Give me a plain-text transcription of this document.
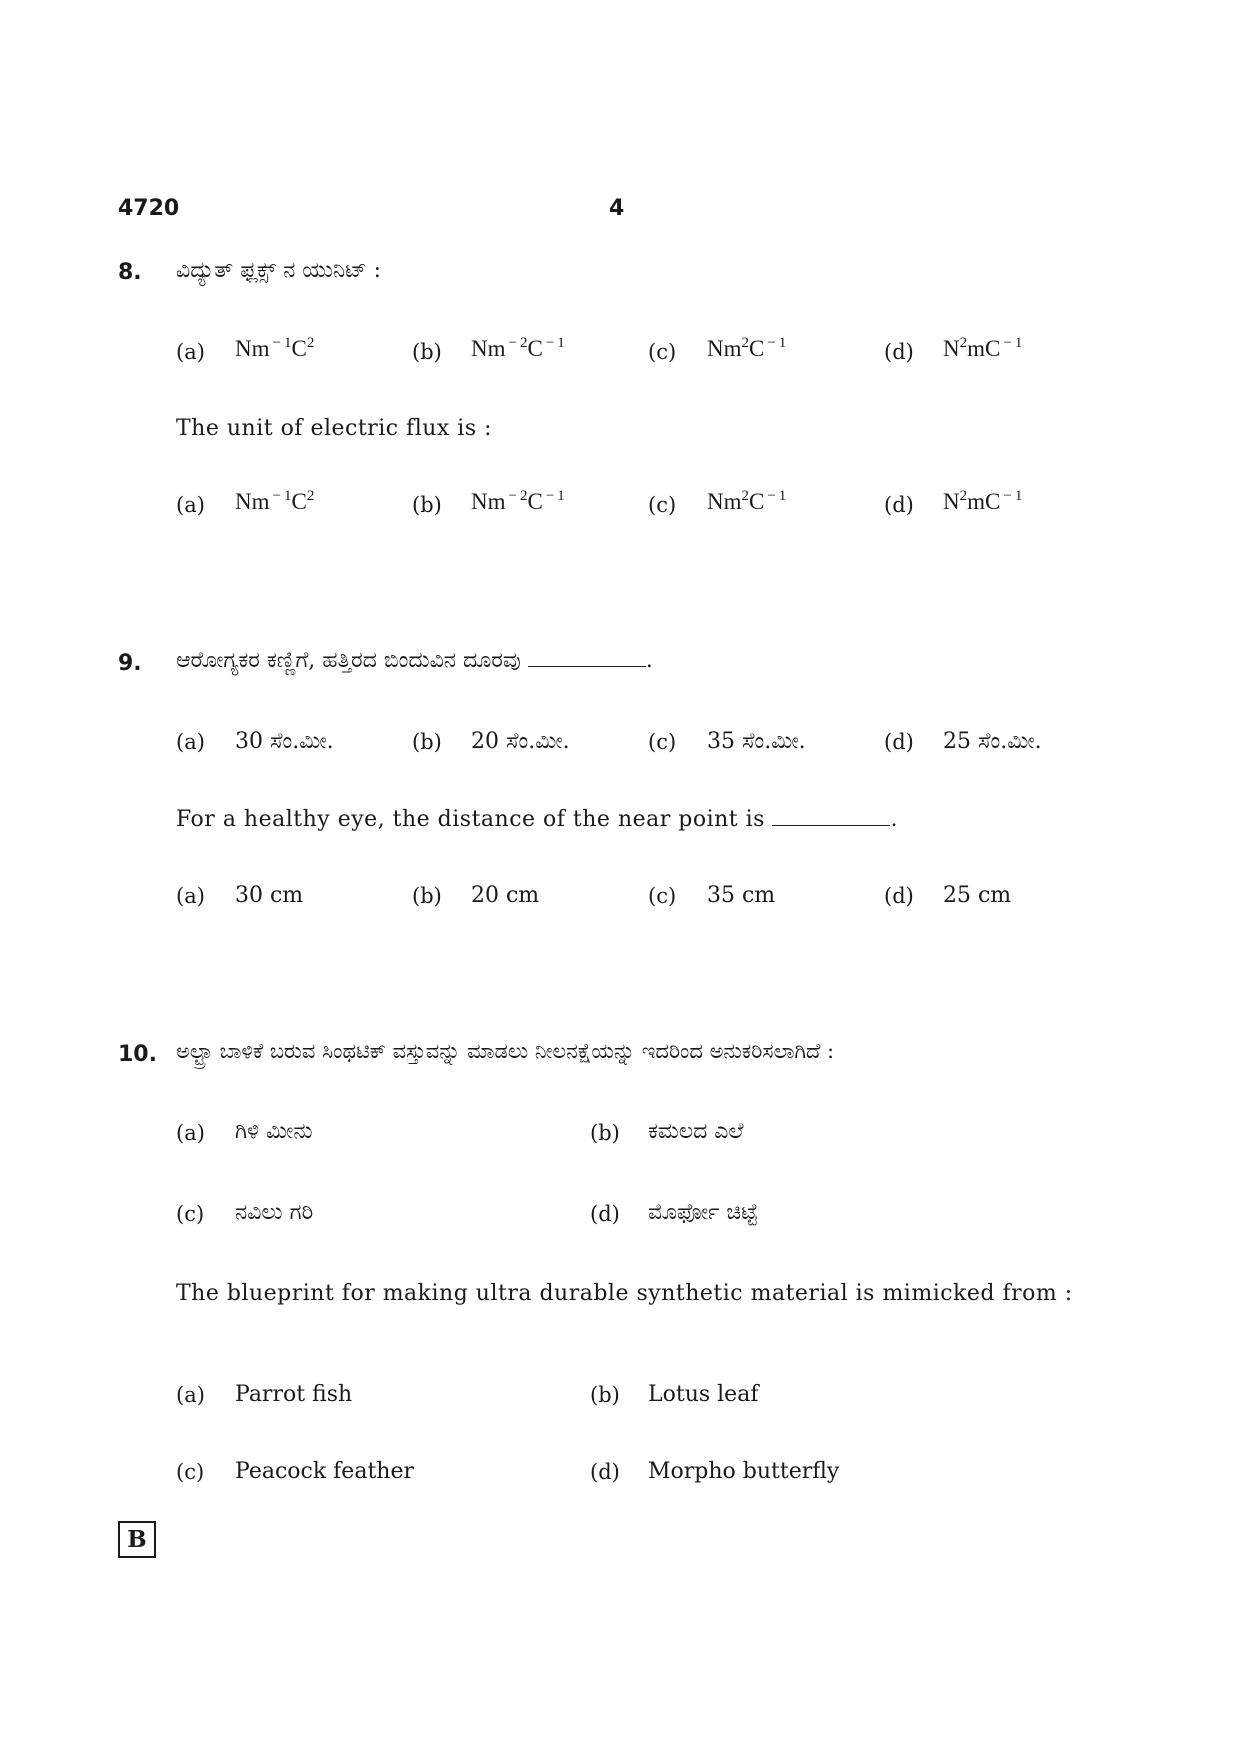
4720	4
8. ವಿದ್ಯುತ್ ಫ್ಲಕ್ಸ್ ನ ಯುನಿಟ್ :
(a) Nm $^{- 1}C^2$	(b) Nm $^{- 2}$C $^{- 1}$	(c) Nm$^2$C $^{- 1}$	(d) $N^2mC$ $^{- 1}$
The unit of electric flux is :
(a) Nm $^{- 1}C^2$	(b) Nm $^{- 2}$C $^{- 1}$	(c) Nm$^2$C $^{- 1}$	(d) $N^2mC$ $^{- 1}$
9. ಆರೋಗ್ಯಕರ ಕಣ್ಣಿಗೆ, ಹತ್ತಿರದ ಬಿಂದುವಿನ ದೂರವು	.
(a) 30 ಸೆಂ.ಮೀ.	(b) 20 ಸೆಂ.ಮೀ.	(c) 35 ಸೆಂ.ಮೀ.	(d) 25 ಸೆಂ.ಮೀ.
For a healthy eye, the distance of the near point is	.
(a) 30 cm	(b) 20 cm	(c) 35 cm	(d) 25 cm
10. ಅಲ್ಟ್ರಾ ಬಾಳಿಕೆ ಬರುವ ಸಿಂಥಟಿಕ್ ವಸ್ತುವನ್ನು ಮಾಡಲು ನೀಲನಕ್ಷೆಯನ್ನು ಇದರಿಂದ ಅನುಕರಿಸಲಾಗಿದೆ :
(a) ಗಿಳಿ ಮೀನು	(b) ಕಮಲದ ಎಲೆ
(c) ನವಿಲು ಗರಿ	(d) ಮೊರ್ಫೋ ಚಿಟ್ಟೆ
The blueprint for making ultra durable synthetic material is mimicked from :
(a) Parrot fish	(b) Lotus leaf
(c) Peacock feather	(d) Morpho butterfly
B
